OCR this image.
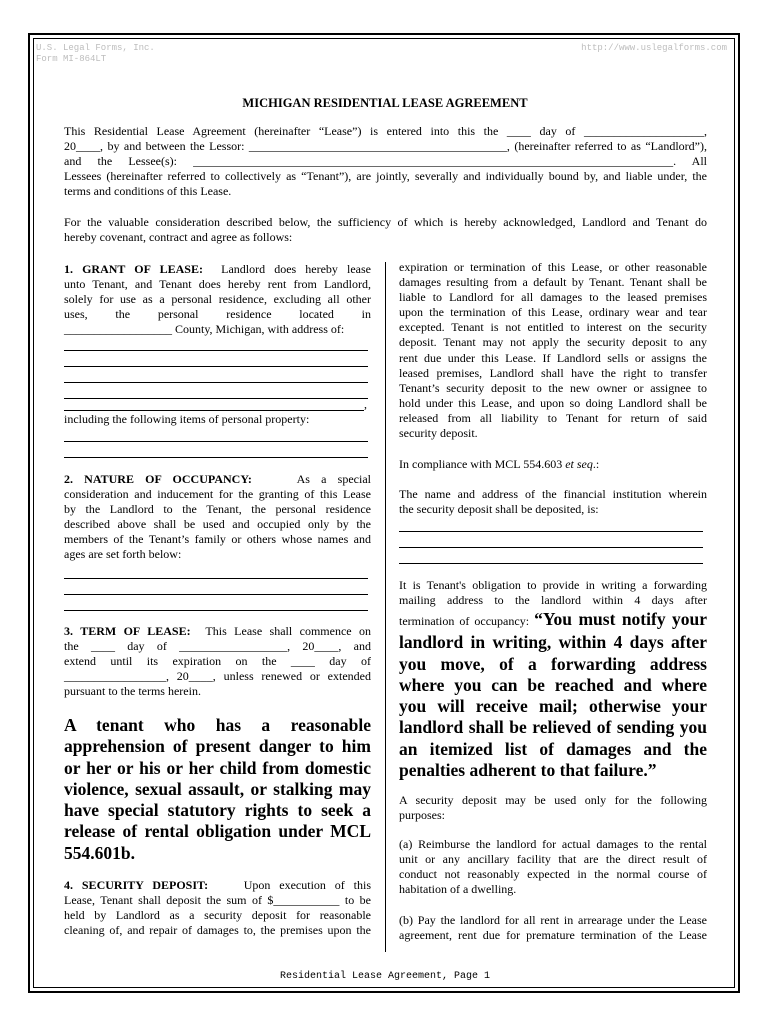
U.S. Legal Forms, Inc.
Form MI-864LT
http://www.uslegalforms.com
MICHIGAN RESIDENTIAL LEASE AGREEMENT
This Residential Lease Agreement (hereinafter “Lease”) is entered into this the ____ day of ____________________,
20____, by and between the Lessor: ___________________________________________, (hereinafter referred to as “Landlord”),
and the Lessee(s): ________________________________________________________________________________. All
Lessees (hereinafter referred to collectively as “Tenant”), are jointly, severally and individually bound by, and liable under, the
terms and conditions of this Lease.
For the valuable consideration described below, the sufficiency of which is hereby acknowledged, Landlord and Tenant do
hereby covenant, contract and agree as follows:
1. GRANT OF LEASE: Landlord does hereby lease
unto Tenant, and Tenant does hereby rent from Landlord,
solely for use as a personal residence, excluding all other
uses, the personal residence located in
__________________ County, Michigan, with address of:
,
including the following items of personal property:
2. NATURE OF OCCUPANCY:	As a special
consideration and inducement for the granting of this Lease
by the Landlord to the Tenant, the personal residence
described above shall be used and occupied only by the
members of the Tenant’s family or others whose names and
ages are set forth below:
3. TERM OF LEASE: This Lease shall commence on
the ____ day of __________________, 20____, and
extend until its expiration on the ____ day of
_________________, 20____, unless renewed or extended
pursuant to the terms herein.
A tenant who has a reasonable
apprehension of present danger to him
or her or his or her child from domestic
violence, sexual assault, or stalking may
have special statutory rights to seek a
release of rental obligation under MCL
554.601b.
4. SECURITY DEPOSIT:	Upon execution of this
Lease, Tenant shall deposit the sum of $___________ to be
held by Landlord as a security deposit for reasonable
cleaning of, and repair of damages to, the premises upon the
expiration or termination of this Lease, or other reasonable
damages resulting from a default by Tenant. Tenant shall be
liable to Landlord for all damages to the leased premises
upon the termination of this Lease, ordinary wear and tear
excepted. Tenant is not entitled to interest on the security
deposit. Tenant may not apply the security deposit to any
rent due under this Lease. If Landlord sells or assigns the
leased premises, Landlord shall have the right to transfer
Tenant’s security deposit to the new owner or assignee to
hold under this Lease, and upon so doing Landlord shall be
released from all liability to Tenant for return of said
security deposit.
In compliance with MCL 554.603 et seq.:
The name and address of the financial institution wherein
the security deposit shall be deposited, is:
It is Tenant's obligation to provide in writing a forwarding
mailing address to the landlord within 4 days after
termination of occupancy: “You must notify your
landlord in writing, within 4 days after
you move, of a forwarding address
where you can be reached and where
you will receive mail; otherwise your
landlord shall be relieved of sending you
an itemized list of damages and the
penalties adherent to that failure.”
A security deposit may be used only for the following
purposes:
(a) Reimburse the landlord for actual damages to the rental
unit or any ancillary facility that are the direct result of
conduct not reasonably expected in the normal course of
habitation of a dwelling.
(b) Pay the landlord for all rent in arrearage under the Lease
agreement, rent due for premature termination of the Lease
Residential Lease Agreement, Page 1
